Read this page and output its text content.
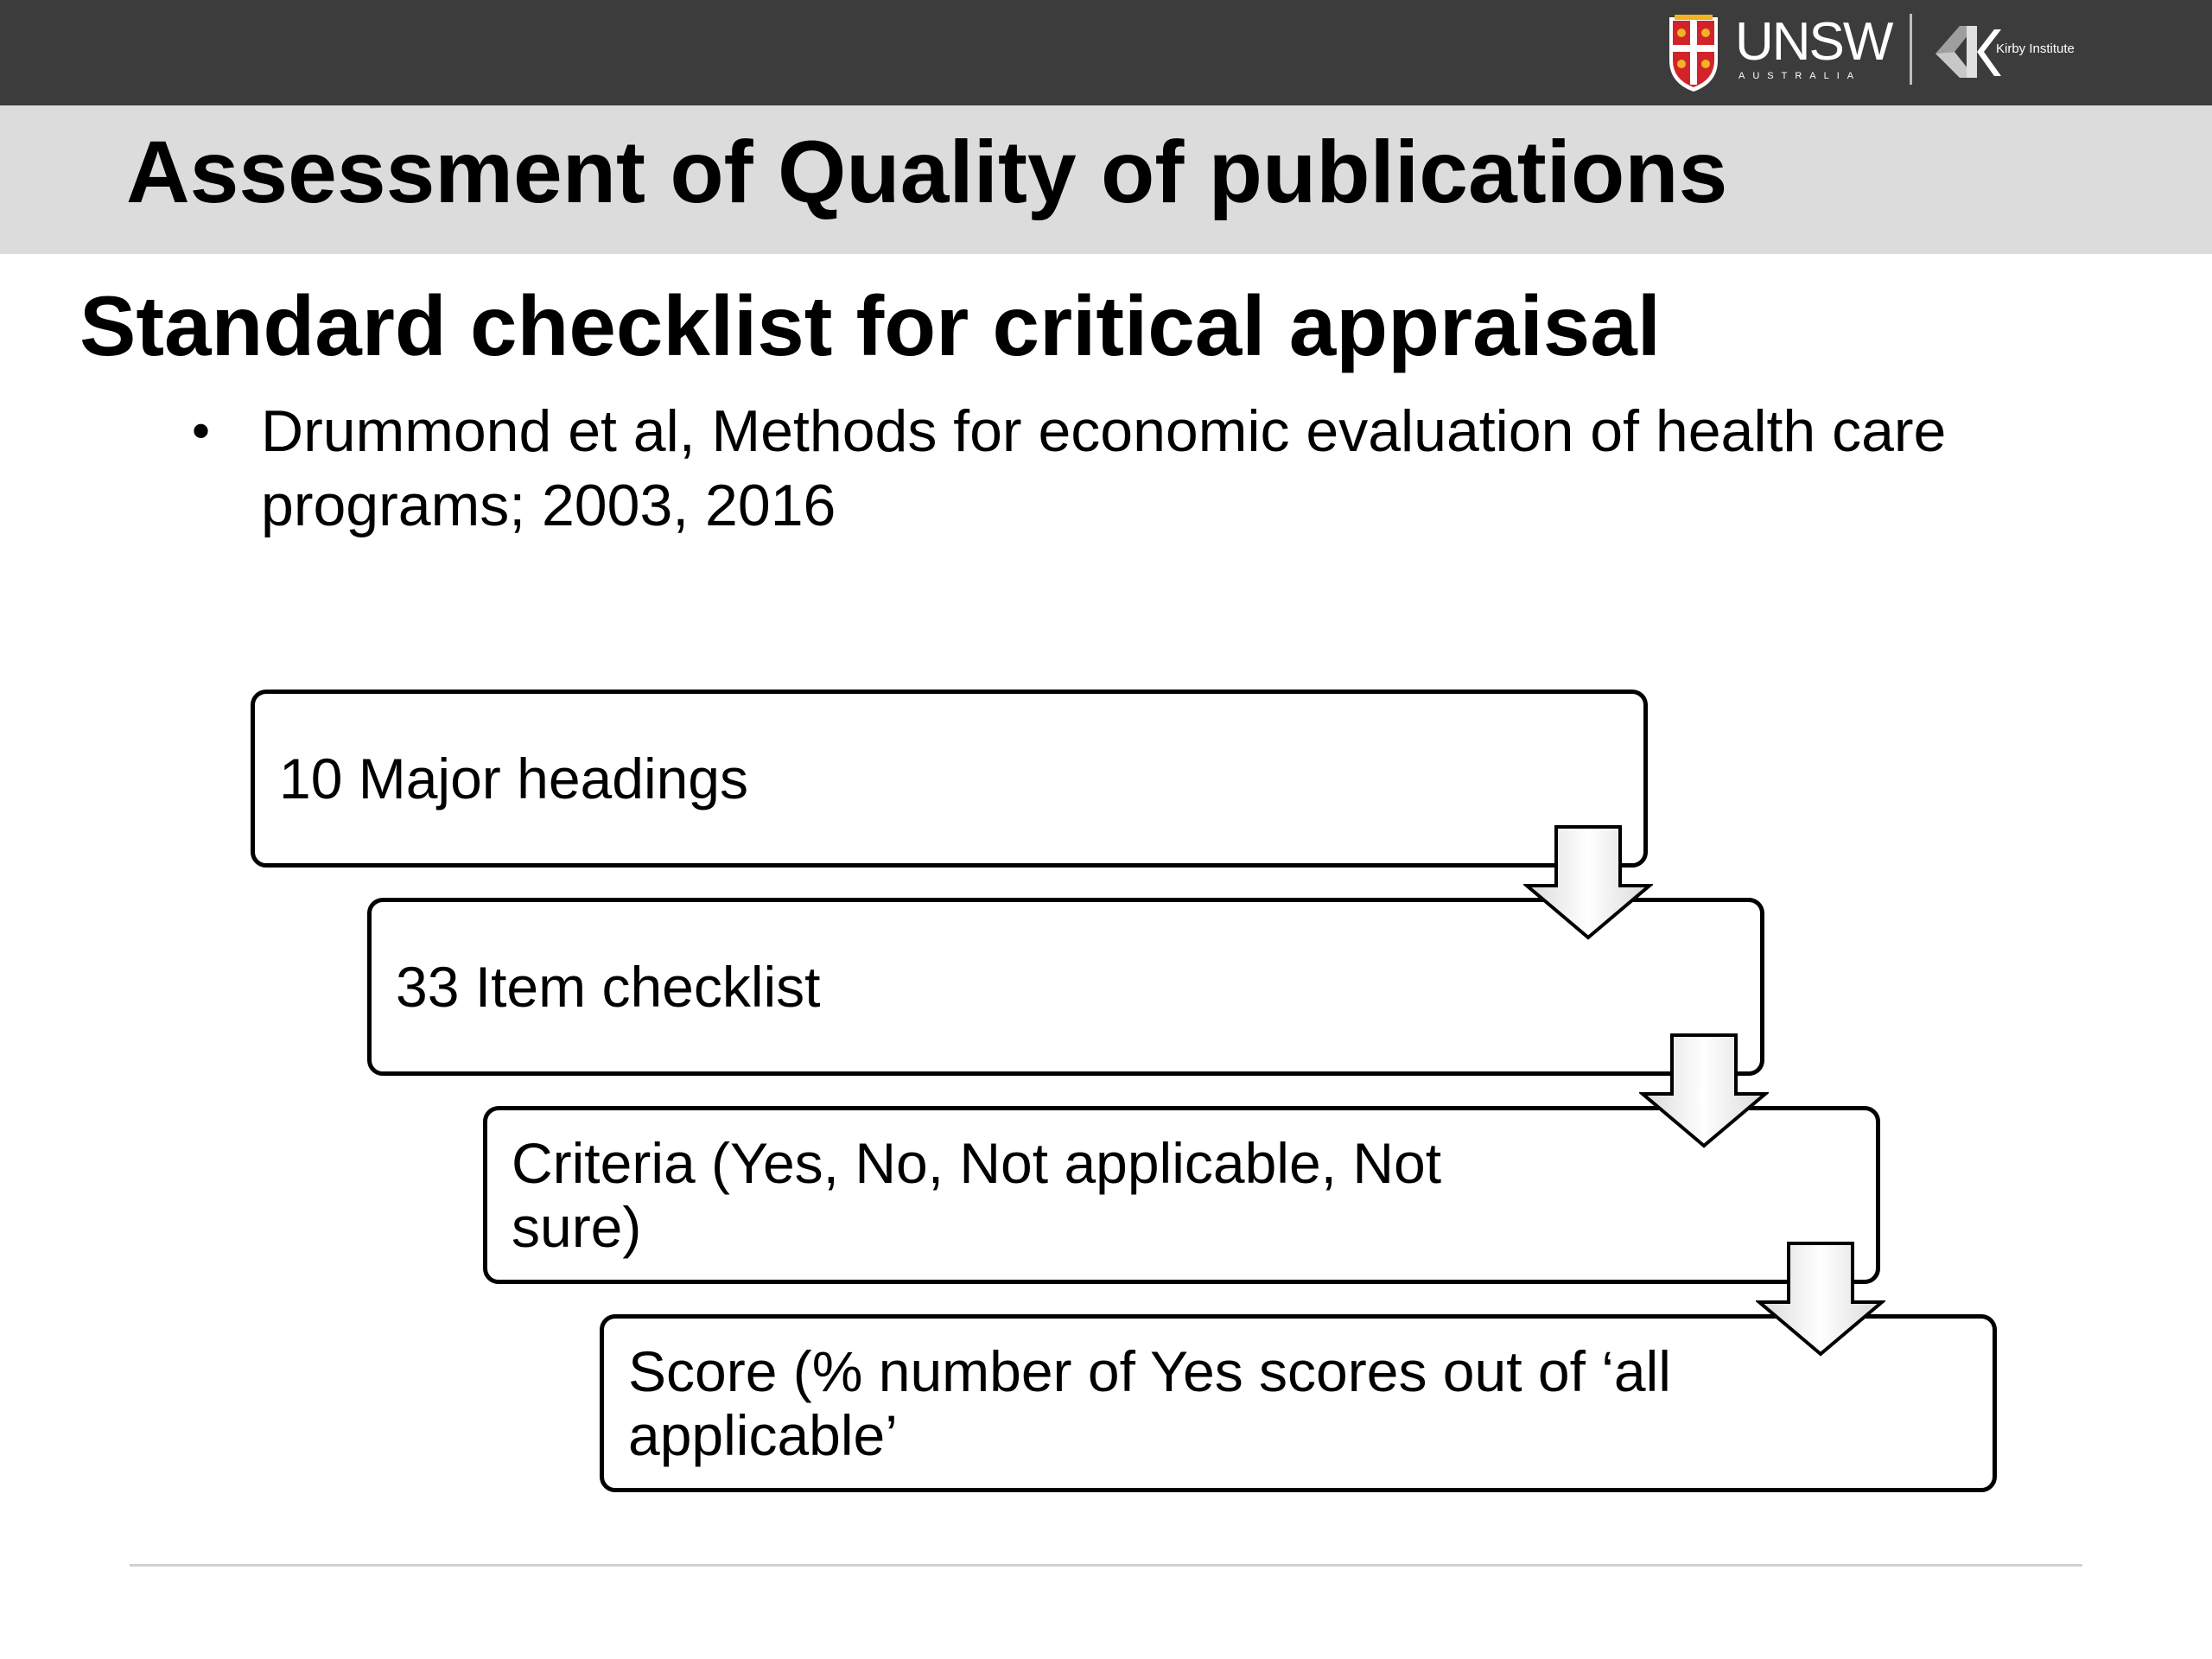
UNSW
AUSTRALIA
Kirby Institute
Assessment of Quality of publications
Standard checklist for critical appraisal
• Drummond et al, Methods for economic evaluation of health care programs; 2003, 2016
10 Major headings
33 Item checklist
Criteria (Yes, No, Not applicable, Not sure)
Score (% number of Yes scores out of ‘all applicable’
